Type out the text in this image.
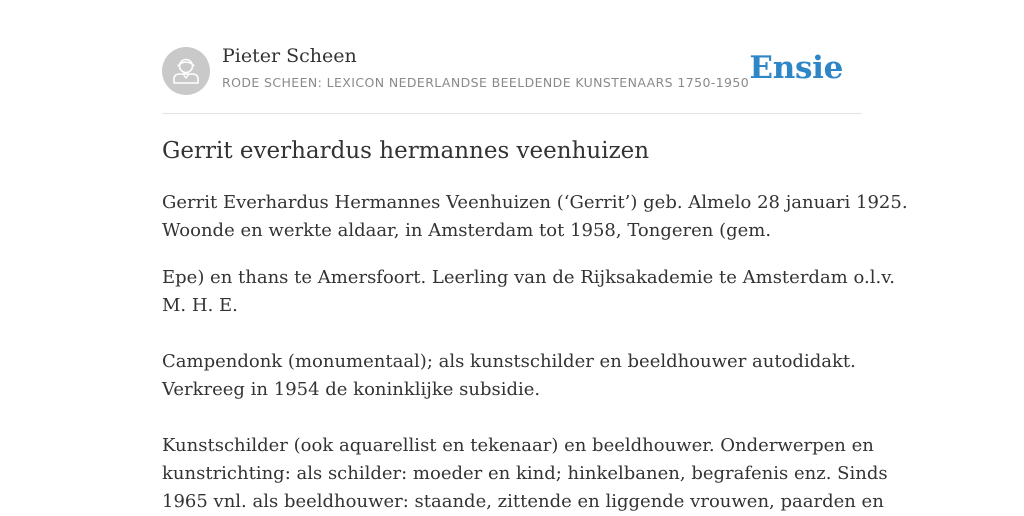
Pieter Scheen
RODE SCHEEN: LEXICON NEDERLANDSE BEELDENDE KUNSTENAARS 1750-1950 Ensie
Gerrit everhardus hermannes veenhuizen

Gerrit Everhardus Hermannes Veenhuizen (‘Gerrit’) geb. Almelo 28 januari 1925.
Woonde en werkte aldaar, in Amsterdam tot 1958, Tongeren (gem.

Epe) en thans te Amersfoort. Leerling van de Rijksakademie te Amsterdam o.l.v.
M. H. E.

Campendonk (monumentaal); als kunstschilder en beeldhouwer autodidakt.
Verkreeg in 1954 de koninklijke subsidie.

Kunstschilder (ook aquarellist en tekenaar) en beeldhouwer. Onderwerpen en
kunstrichting: als schilder: moeder en kind; hinkelbanen, begrafenis enz. Sinds
1965 vnl. als beeldhouwer: staande, zittende en liggende vrouwen, paarden en
